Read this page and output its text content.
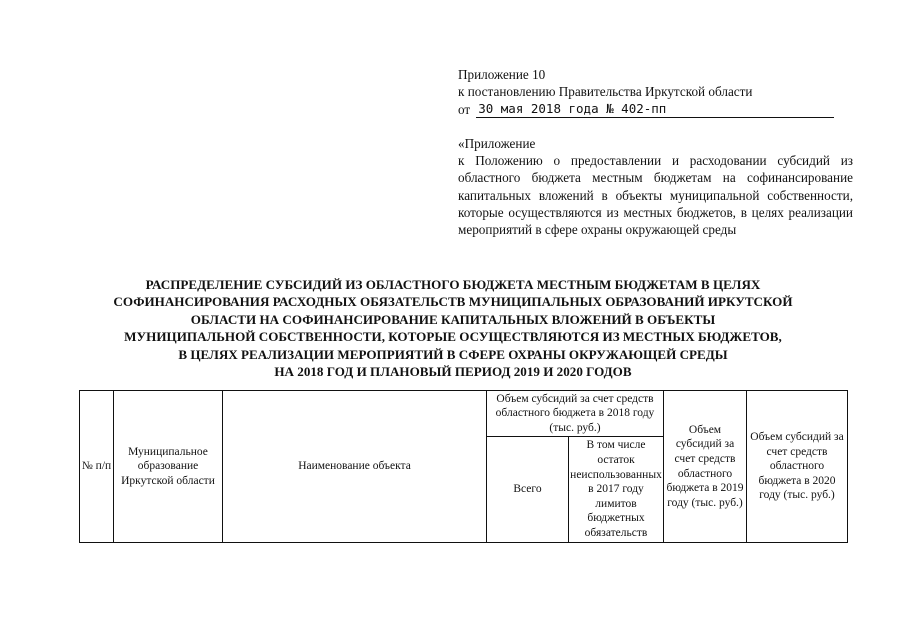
Приложение 10
к постановлению Правительства Иркутской области
от 30 мая 2018 года № 402-пп
«Приложение
к Положению о предоставлении и расходовании субсидий из областного бюджета местным бюджетам на софинансирование капитальных вложений в объекты муниципальной собственности, которые осуществляются из местных бюджетов, в целях реализации мероприятий в сфере охраны окружающей среды
РАСПРЕДЕЛЕНИЕ СУБСИДИЙ ИЗ ОБЛАСТНОГО БЮДЖЕТА МЕСТНЫМ БЮДЖЕТАМ В ЦЕЛЯХ
СОФИНАНСИРОВАНИЯ РАСХОДНЫХ ОБЯЗАТЕЛЬСТВ МУНИЦИПАЛЬНЫХ ОБРАЗОВАНИЙ ИРКУТСКОЙ
ОБЛАСТИ НА СОФИНАНСИРОВАНИЕ КАПИТАЛЬНЫХ ВЛОЖЕНИЙ В ОБЪЕКТЫ
МУНИЦИПАЛЬНОЙ СОБСТВЕННОСТИ, КОТОРЫЕ ОСУЩЕСТВЛЯЮТСЯ ИЗ МЕСТНЫХ БЮДЖЕТОВ,
В ЦЕЛЯХ РЕАЛИЗАЦИИ МЕРОПРИЯТИЙ В СФЕРЕ ОХРАНЫ ОКРУЖАЮЩЕЙ СРЕДЫ
НА 2018 ГОД И ПЛАНОВЫЙ ПЕРИОД 2019 И 2020 ГОДОВ
№ п/п	Муниципальное образование Иркутской области	Наименование объекта	Объем субсидий за счет средств областного бюджета в 2018 году (тыс. руб.)		Объем субсидий за счет средств областного бюджета в 2019 году (тыс. руб.)	Объем субсидий за счет средств областного бюджета в 2020 году (тыс. руб.)
			Всего	В том числе остаток неиспользованных в 2017 году лимитов бюджетных обязательств		
